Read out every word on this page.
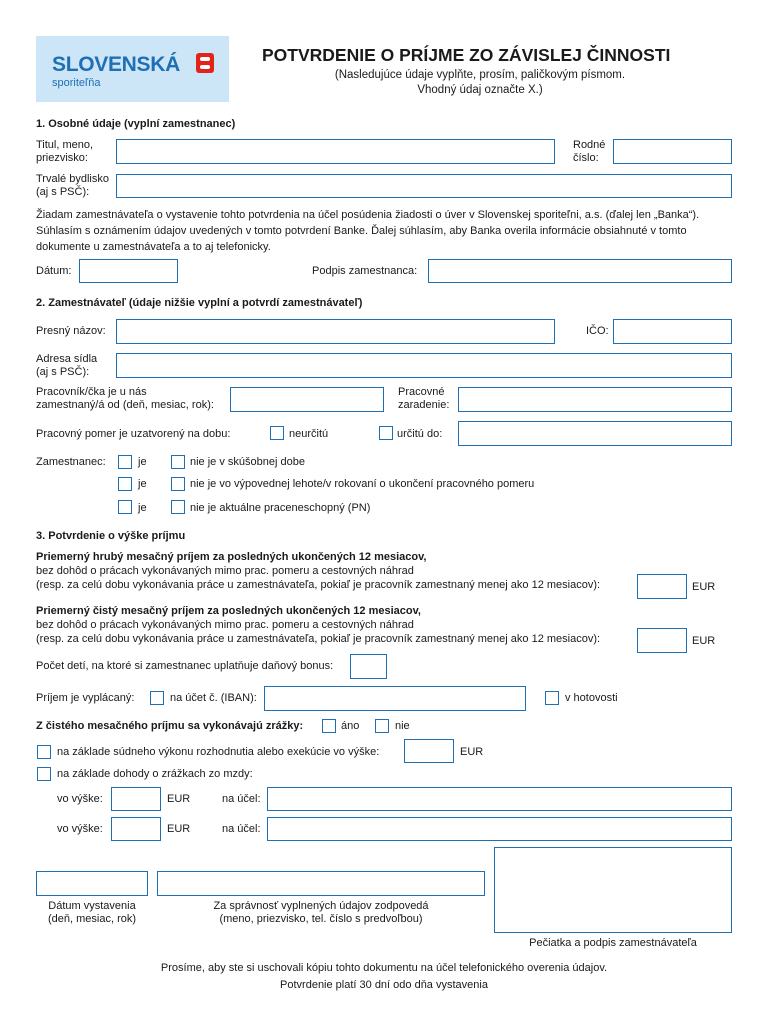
SLOVENSKÁ
sporiteľňa
POTVRDENIE O PRÍJME ZO ZÁVISLEJ ČINNOSTI
(Nasledujúce údaje vyplňte, prosím, paličkovým písmom.
Vhodný údaj označte X.)
1. Osobné údaje (vyplní zamestnanec)
Titul, meno,
priezvisko:
Rodné
číslo:
Trvalé bydlisko
(aj s PSČ):
Žiadam zamestnávateľa o vystavenie tohto potvrdenia na účel posúdenia žiadosti o úver v Slovenskej sporiteľni, a.s. (ďalej len „Banka“).
Súhlasím s oznámením údajov uvedených v tomto potvrdení Banke. Ďalej súhlasím, aby Banka overila informácie obsiahnuté v tomto
dokumente u zamestnávateľa a to aj telefonicky.
Dátum:	Podpis zamestnanca:
2. Zamestnávateľ (údaje nižšie vyplní a potvrdí zamestnávateľ)
Presný názov:	IČO:
Adresa sídla
(aj s PSČ):
Pracovník/čka je u nás
zamestnaný/á od (deň, mesiac, rok):
Pracovné
zaradenie:
Pracovný pomer je uzatvorený na dobu:	neurčitú	určitú do:
Zamestnanec:	je	nie je v skúšobnej dobe
je	nie je vo výpovednej lehote/v rokovaní o ukončení pracovného pomeru
je	nie je aktuálne praceneschopný (PN)
3. Potvrdenie o výške príjmu
Priemerný hrubý mesačný príjem za posledných ukončených 12 mesiacov,
bez dohôd o prácach vykonávaných mimo prac. pomeru a cestovných náhrad
(resp. za celú dobu vykonávania práce u zamestnávateľa, pokiaľ je pracovník zamestnaný menej ako 12 mesiacov):	EUR
Priemerný čistý mesačný príjem za posledných ukončených 12 mesiacov,
bez dohôd o prácach vykonávaných mimo prac. pomeru a cestovných náhrad
(resp. za celú dobu vykonávania práce u zamestnávateľa, pokiaľ je pracovník zamestnaný menej ako 12 mesiacov):	EUR
Počet detí, na ktoré si zamestnanec uplatňuje daňový bonus:
Príjem je vyplácaný:	na účet č. (IBAN):	v hotovosti
Z čistého mesačného príjmu sa vykonávajú zrážky:	áno	nie
na základe súdneho výkonu rozhodnutia alebo exekúcie vo výške:	EUR
na základe dohody o zrážkach zo mzdy:
vo výške:	EUR	na účel:
vo výške:	EUR	na účel:
Dátum vystavenia
(deň, mesiac, rok)
Za správnosť vyplnených údajov zodpovedá
(meno, priezvisko, tel. číslo s predvoľbou)
Pečiatka a podpis zamestnávateľa
Prosíme, aby ste si uschovali kópiu tohto dokumentu na účel telefonického overenia údajov.
Potvrdenie platí 30 dní odo dňa vystavenia
